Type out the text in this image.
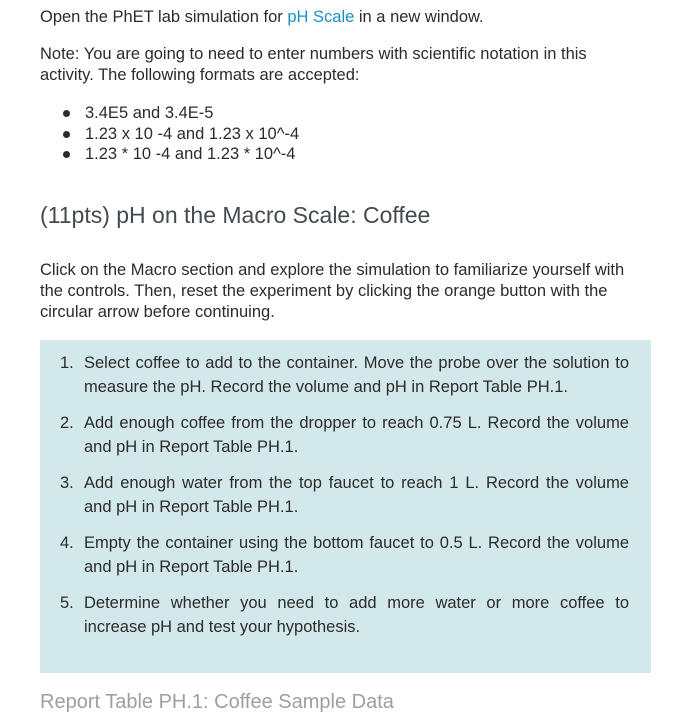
Open the PhET lab simulation for pH Scale in a new window.
Note: You are going to need to enter numbers with scientific notation in this activity. The following formats are accepted:
3.4E5 and 3.4E-5
1.23 x 10 -4 and 1.23 x 10^-4
1.23 * 10 -4 and 1.23 * 10^-4
(11pts) pH on the Macro Scale: Coffee
Click on the Macro section and explore the simulation to familiarize yourself with the controls. Then, reset the experiment by clicking the orange button with the circular arrow before continuing.
1. Select coffee to add to the container. Move the probe over the solution to measure the pH. Record the volume and pH in Report Table PH.1.
2. Add enough coffee from the dropper to reach 0.75 L. Record the volume and pH in Report Table PH.1.
3. Add enough water from the top faucet to reach 1 L. Record the volume and pH in Report Table PH.1.
4. Empty the container using the bottom faucet to 0.5 L. Record the volume and pH in Report Table PH.1.
5. Determine whether you need to add more water or more coffee to increase pH and test your hypothesis.
Report Table PH.1: Coffee Sample Data
